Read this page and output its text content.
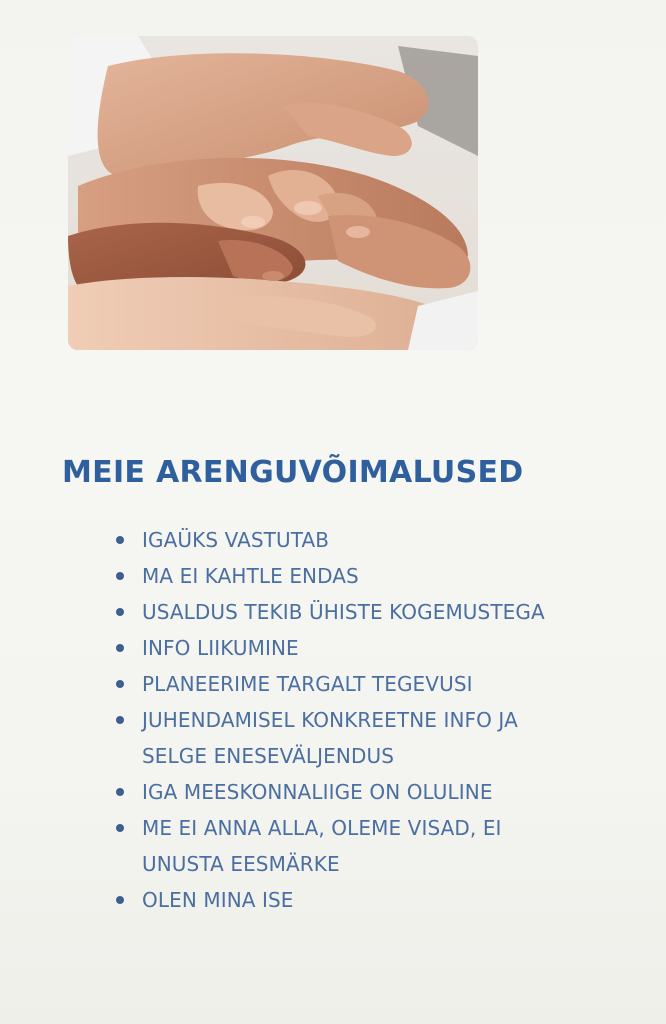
MEIE ARENGUVÕIMALUSED
IGAÜKS VASTUTAB
MA EI KAHTLE ENDAS
USALDUS TEKIB ÜHISTE KOGEMUSTEGA
INFO LIIKUMINE
PLANEERIME TARGALT TEGEVUSI
JUHENDAMISEL KONKREETNE INFO JA
SELGE ENESEVÄLJENDUS
IGA MEESKONNALIIGE ON OLULINE
ME EI ANNA ALLA, OLEME VISAD, EI
UNUSTA EESMÄRKE
OLEN MINA ISE
